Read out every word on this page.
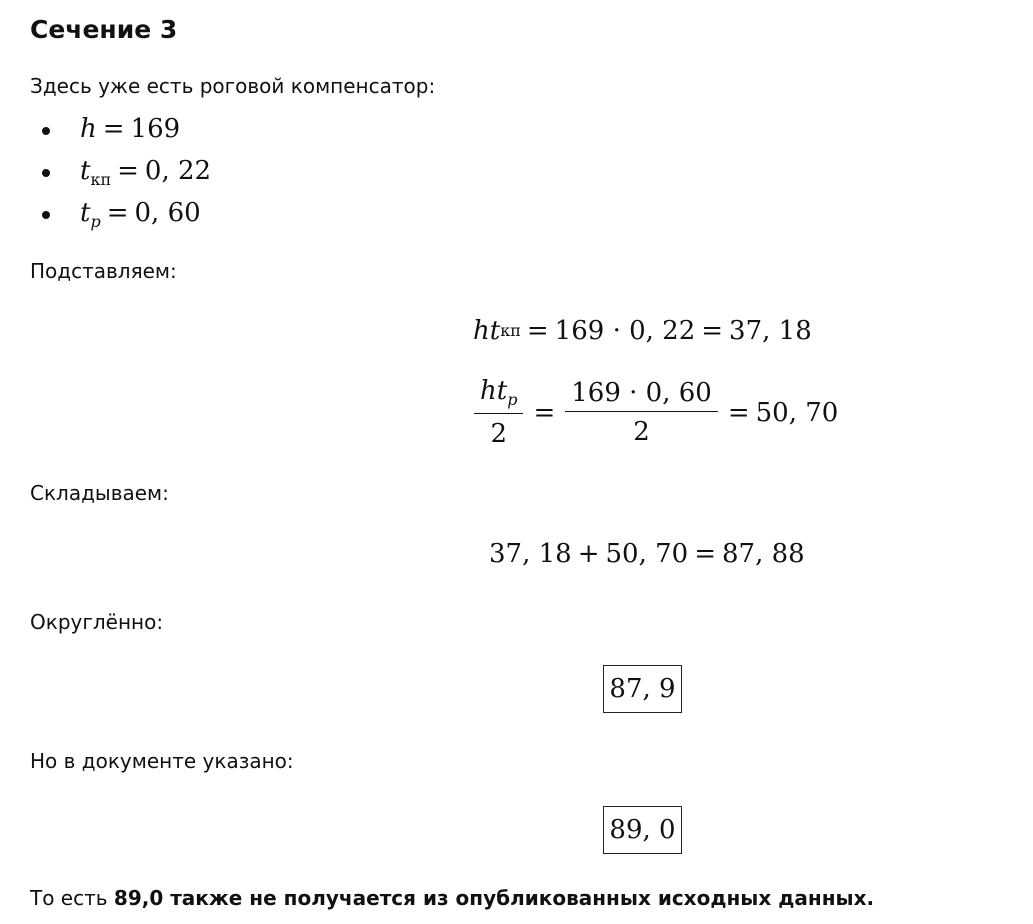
Сечение 3

Здесь уже есть роговой компенсатор:

h = 169
$t_{кп} = 0$, 22
$t_p = 0$, 60

Подставляем:

h t кп = 169 · 0, 22 = 37, 18
$\frac{ht_p}{2} = \frac{169 \cdot 0, 60}{2} = 50$, 70

Складываем:

37, 18 + 50, 70 = 87, 88

Округлённо:

87, 9

Но в документе указано:

89, 0

То есть 89,0 также не получается из опубликованных исходных данных.
